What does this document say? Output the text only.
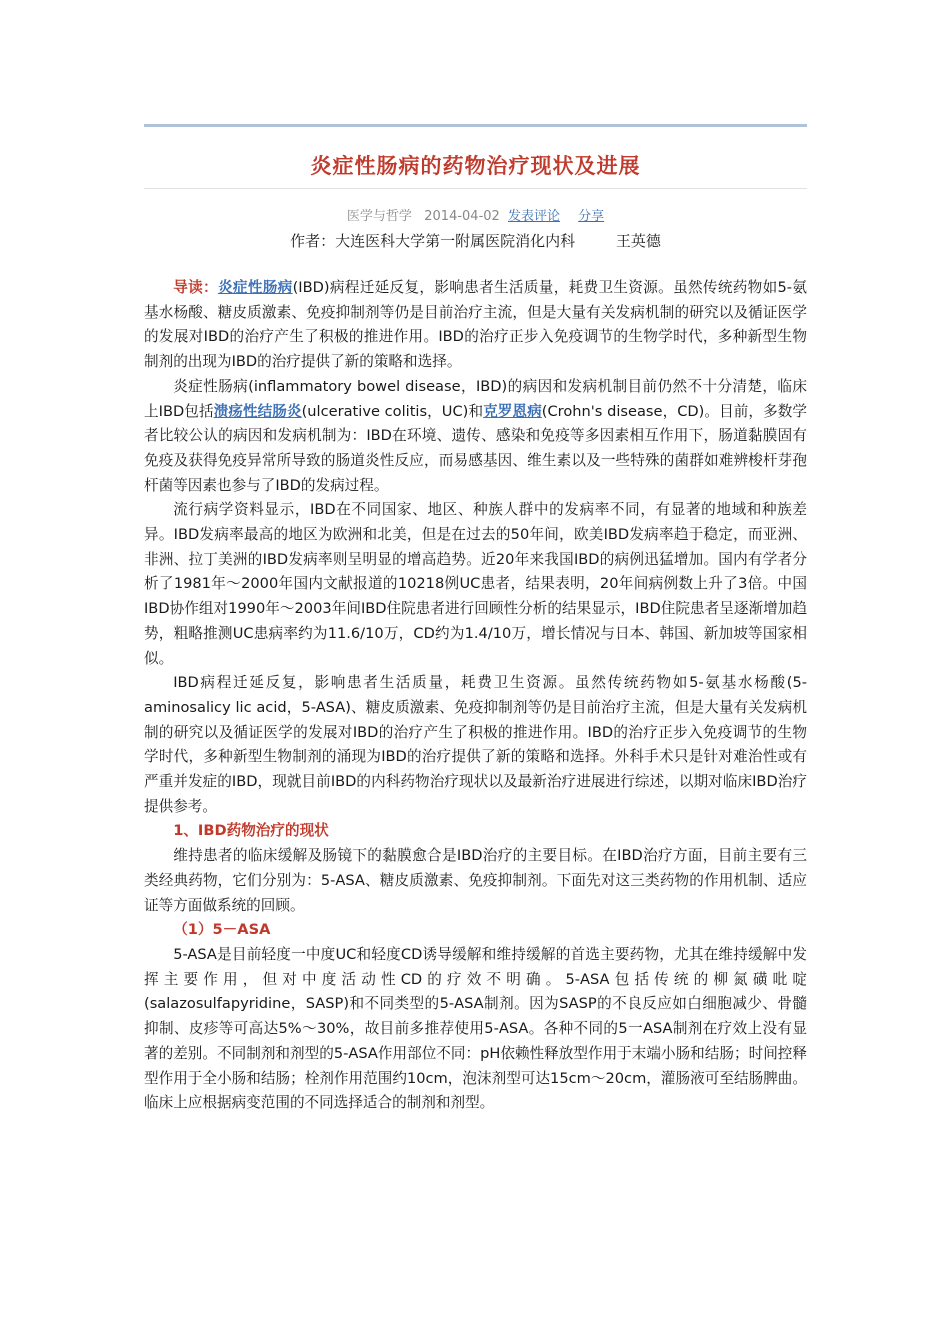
炎症性肠病的药物治疗现状及进展
医学与哲学 2014-04-02 发表评论 分享
作者：大连医科大学第一附属医院消化内科	王英德

导读：炎症性肠病(IBD)病程迁延反复，影响患者生活质量，耗费卫生资源。虽然传统药物如5-氨基水杨酸、糖皮质激素、免疫抑制剂等仍是目前治疗主流，但是大量有关发病机制的研究以及循证医学的发展对IBD的治疗产生了积极的推进作用。IBD的治疗正步入免疫调节的生物学时代，多种新型生物制剂的出现为IBD的治疗提供了新的策略和选择。

炎症性肠病(inflammatory bowel disease，IBD)的病因和发病机制目前仍然不十分清楚，临床上IBD包括溃疡性结肠炎(ulcerative colitis，UC)和克罗恩病(Crohn's disease，CD)。目前，多数学者比较公认的病因和发病机制为：IBD在环境、遗传、感染和免疫等多因素相互作用下，肠道黏膜固有免疫及获得免疫异常所导致的肠道炎性反应，而易感基因、维生素以及一些特殊的菌群如难辨梭杆芽孢杆菌等因素也参与了IBD的发病过程。

流行病学资料显示，IBD在不同国家、地区、种族人群中的发病率不同，有显著的地域和种族差异。IBD发病率最高的地区为欧洲和北美，但是在过去的50年间，欧美IBD发病率趋于稳定，而亚洲、非洲、拉丁美洲的IBD发病率则呈明显的增高趋势。近20年来我国IBD的病例迅猛增加。国内有学者分析了1981年～2000年国内文献报道的10218例UC患者，结果表明，20年间病例数上升了3倍。中国IBD协作组对1990年～2003年间IBD住院患者进行回顾性分析的结果显示，IBD住院患者呈逐渐增加趋势，粗略推测UC患病率约为11.6/10万，CD约为1.4/10万，增长情况与日本、韩国、新加坡等国家相似。

IBD病程迁延反复，影响患者生活质量，耗费卫生资源。虽然传统药物如5-氨基水杨酸(5-aminosalicy lic acid，5-ASA)、糖皮质激素、免疫抑制剂等仍是目前治疗主流，但是大量有关发病机制的研究以及循证医学的发展对IBD的治疗产生了积极的推进作用。IBD的治疗正步入免疫调节的生物学时代，多种新型生物制剂的涌现为IBD的治疗提供了新的策略和选择。外科手术只是针对难治性或有严重并发症的IBD，现就目前IBD的内科药物治疗现状以及最新治疗进展进行综述，以期对临床IBD治疗提供参考。

1、IBD药物治疗的现状

维持患者的临床缓解及肠镜下的黏膜愈合是IBD治疗的主要目标。在IBD治疗方面，目前主要有三类经典药物，它们分别为：5-ASA、糖皮质激素、免疫抑制剂。下面先对这三类药物的作用机制、适应证等方面做系统的回顾。

（1）5－ASA

5-ASA是目前轻度一中度UC和轻度CD诱导缓解和维持缓解的首选主要药物，尤其在维持缓解中发挥主要作用，但对中度活动性CD的疗效不明确。5-ASA包括传统的柳氮磺吡啶(salazosulfapyridine，SASP)和不同类型的5-ASA制剂。因为SASP的不良反应如白细胞减少、骨髓抑制、皮疹等可高达5%～30%，故目前多推荐使用5-ASA。各种不同的5一ASA制剂在疗效上没有显著的差别。不同制剂和剂型的5-ASA作用部位不同：pH依赖性释放型作用于末端小肠和结肠；时间控释型作用于全小肠和结肠；栓剂作用范围约10cm，泡沫剂型可达15cm～20cm，灌肠液可至结肠脾曲。临床上应根据病变范围的不同选择适合的制剂和剂型。
